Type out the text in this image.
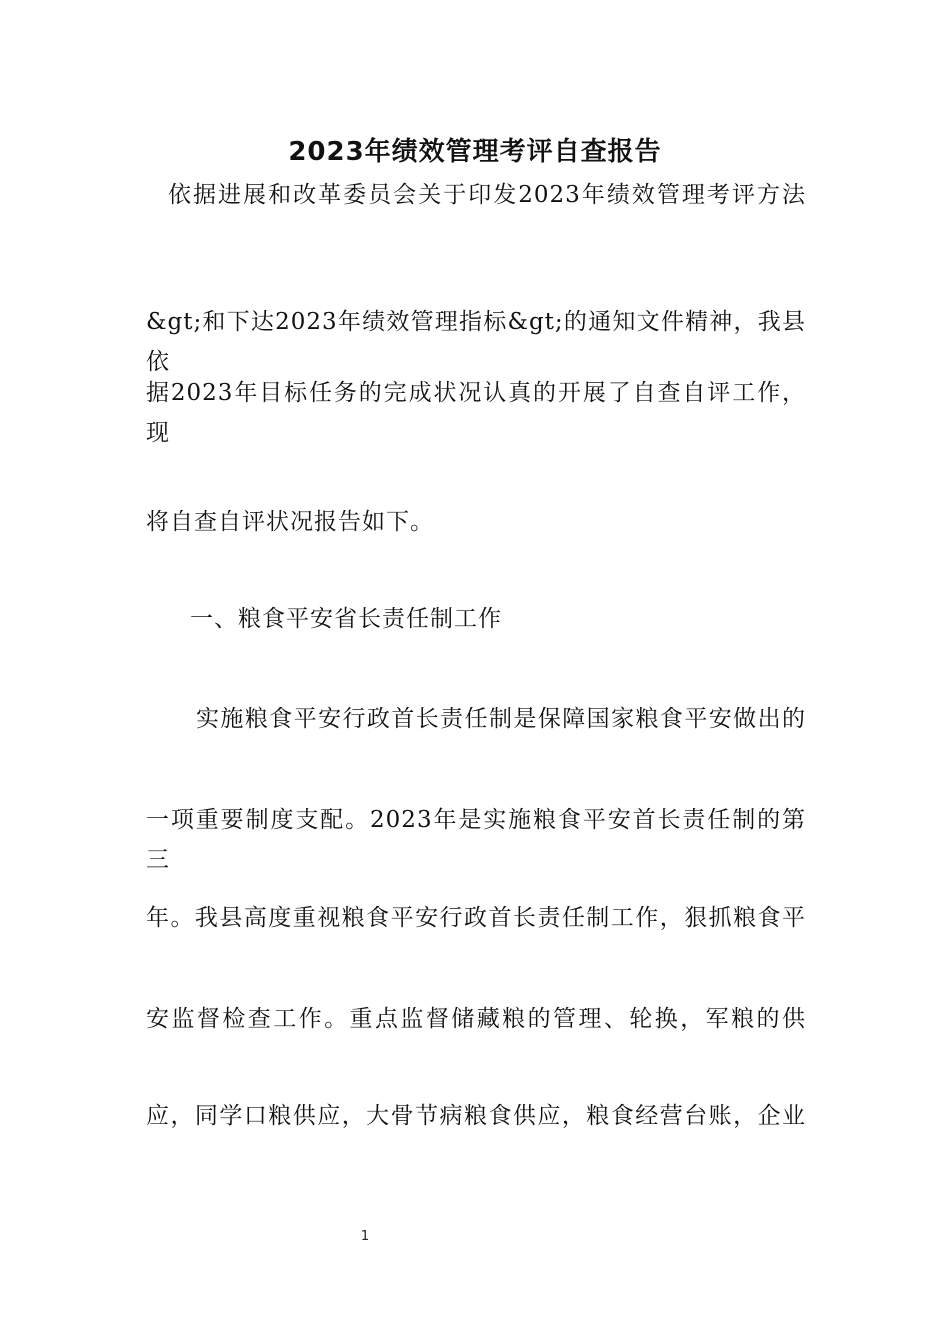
2023年绩效管理考评自查报告
依据进展和改革委员会关于印发2023年绩效管理考评方法
&gt;和下达2023年绩效管理指标&gt;的通知文件精神，我县依
据2023年目标任务的完成状况认真的开展了自查自评工作，现
将自查自评状况报告如下。
一、粮食平安省长责任制工作
实施粮食平安行政首长责任制是保障国家粮食平安做出的
一项重要制度支配。2023年是实施粮食平安首长责任制的第三
年。我县高度重视粮食平安行政首长责任制工作，狠抓粮食平
安监督检查工作。重点监督储藏粮的管理、轮换，军粮的供
应，同学口粮供应，大骨节病粮食供应，粮食经营台账，企业
1
